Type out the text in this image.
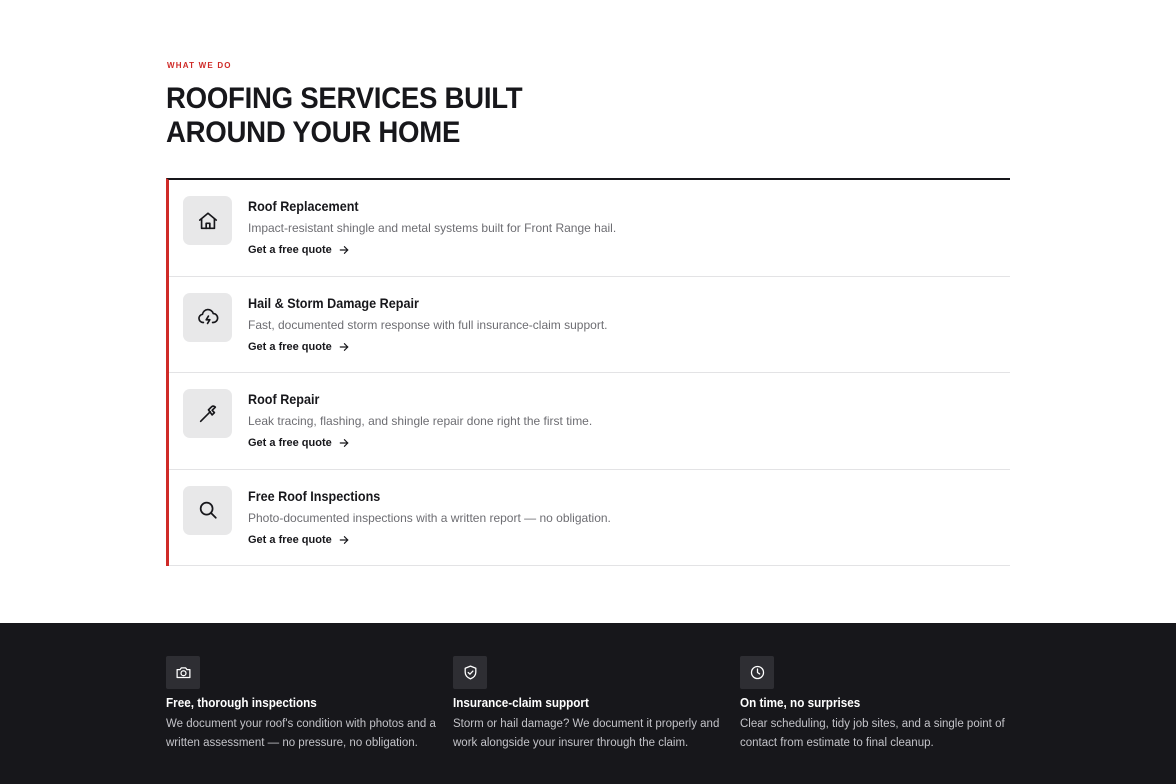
WHAT WE DO
ROOFING SERVICES BUILT
AROUND YOUR HOME
Roof Replacement
Impact-resistant shingle and metal systems built for Front Range hail.
Get a free quote
Hail & Storm Damage Repair
Fast, documented storm response with full insurance-claim support.
Get a free quote
Roof Repair
Leak tracing, flashing, and shingle repair done right the first time.
Get a free quote
Free Roof Inspections
Photo-documented inspections with a written report — no obligation.
Get a free quote
Free, thorough inspections
We document your roof's condition with photos and a written assessment — no pressure, no obligation.
Insurance-claim support
Storm or hail damage? We document it properly and work alongside your insurer through the claim.
On time, no surprises
Clear scheduling, tidy job sites, and a single point of contact from estimate to final cleanup.
